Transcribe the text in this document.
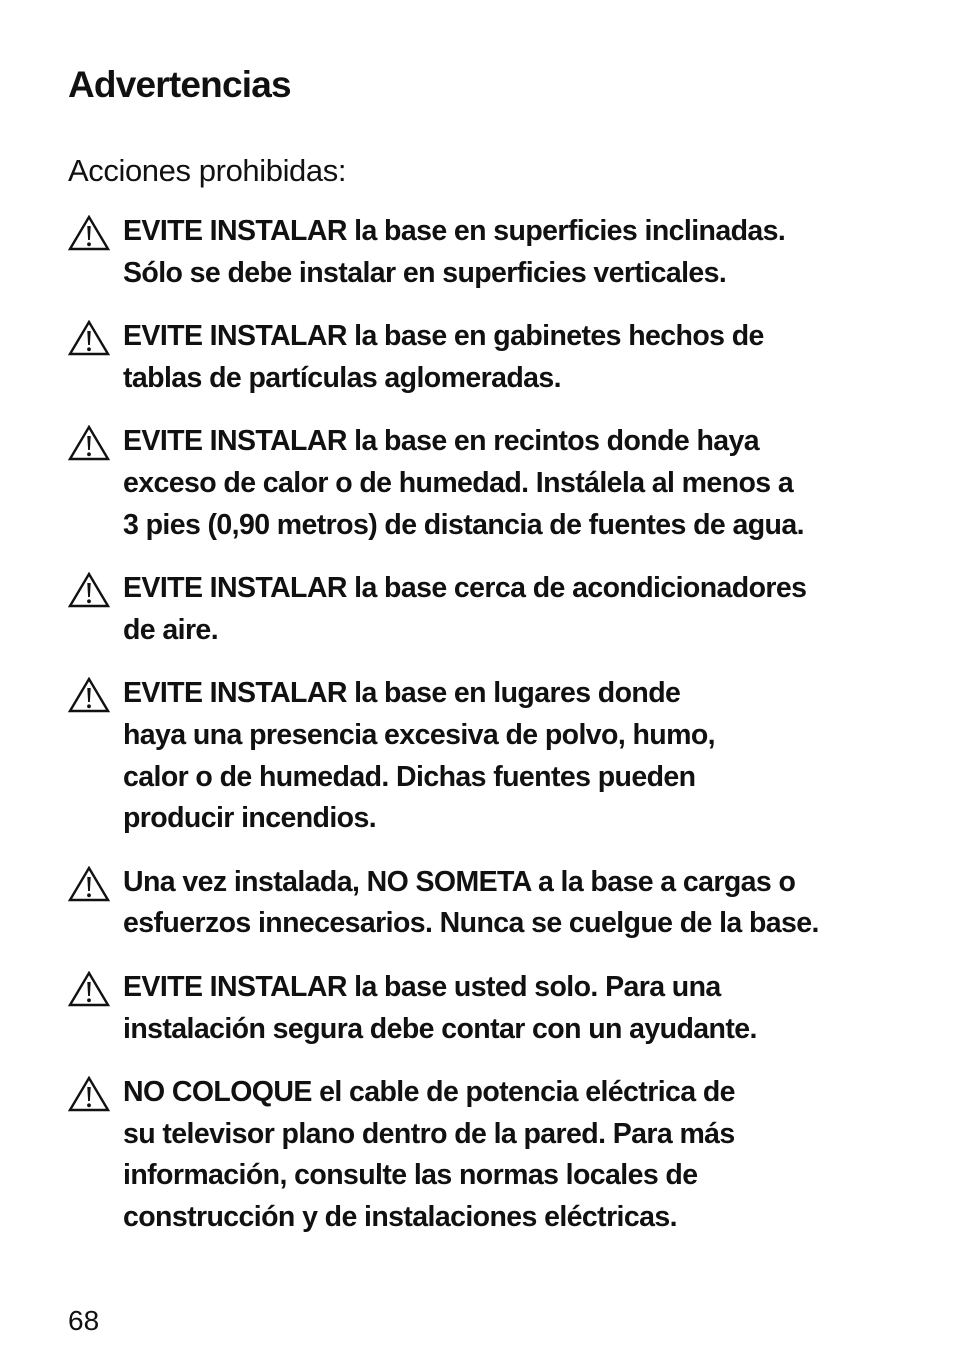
Advertencias
Acciones prohibidas:
EVITE INSTALAR la base en superficies inclinadas.
Sólo se debe instalar en superficies verticales.
EVITE INSTALAR la base en gabinetes hechos de
tablas de partículas aglomeradas.
EVITE INSTALAR la base en recintos donde haya
exceso de calor o de humedad. Instálela al menos a
3 pies (0,90 metros) de distancia de fuentes de agua.
EVITE INSTALAR la base cerca de acondicionadores
de aire.
EVITE INSTALAR la base en lugares donde
haya una presencia excesiva de polvo, humo,
calor o de humedad. Dichas fuentes pueden
producir incendios.
Una vez instalada, NO SOMETA a la base a cargas o
esfuerzos innecesarios. Nunca se cuelgue de la base.
EVITE INSTALAR la base usted solo. Para una
instalación segura debe contar con un ayudante.
NO COLOQUE el cable de potencia eléctrica de
su televisor plano dentro de la pared. Para más
información, consulte las normas locales de
construcción y de instalaciones eléctricas.

68
